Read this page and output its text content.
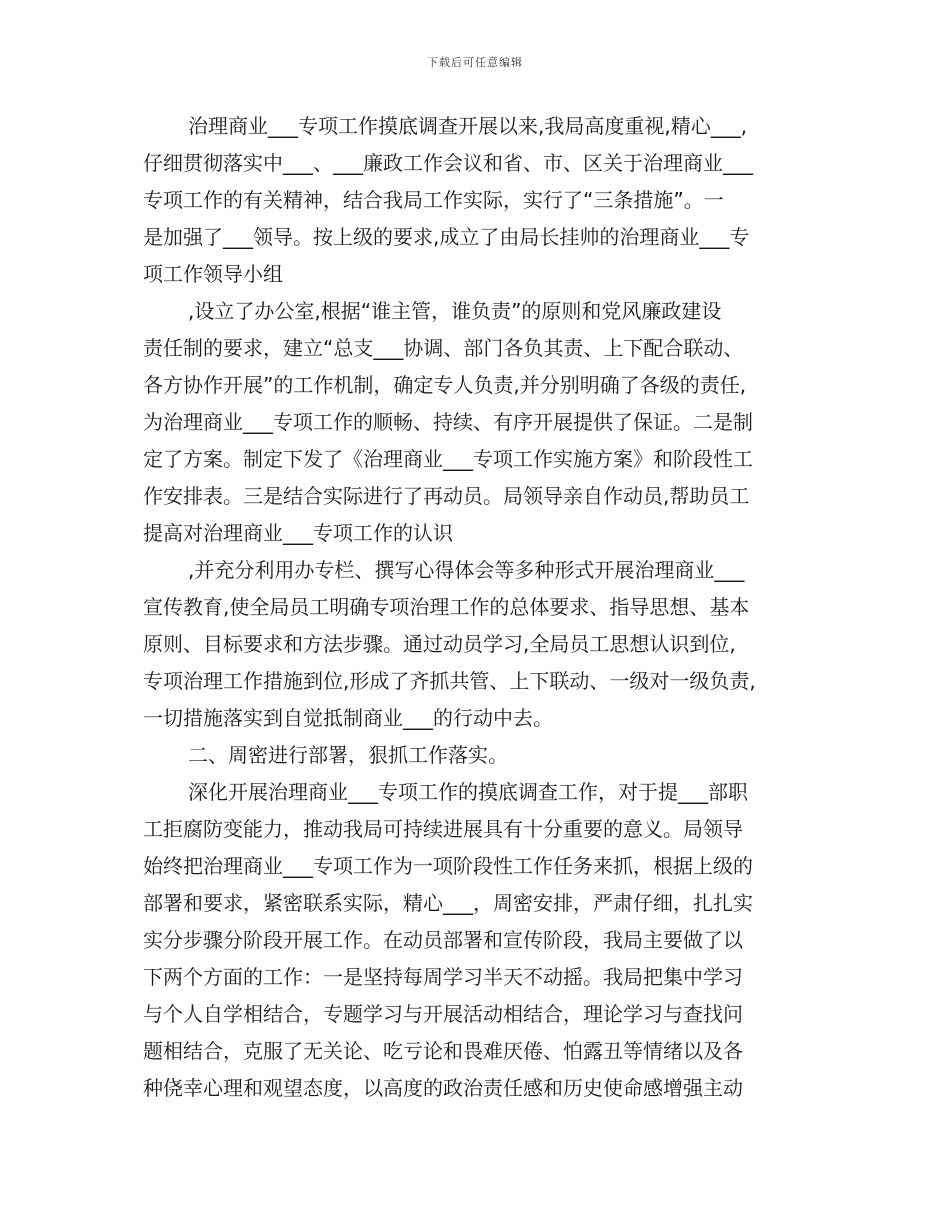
下载后可任意编辑
治理商业___专项工作摸底调查开展以来,我局高度重视,精心___,
仔细贯彻落实中___、___廉政工作会议和省、市、区关于治理商业___
专项工作的有关精神，结合我局工作实际，实行了“三条措施”。一
是加强了___领导。按上级的要求,成立了由局长挂帅的治理商业___专
项工作领导小组
,设立了办公室,根据“谁主管，谁负责”的原则和党风廉政建设
责任制的要求，建立“总支___协调、部门各负其责、上下配合联动、
各方协作开展”的工作机制，确定专人负责,并分别明确了各级的责任,
为治理商业___专项工作的顺畅、持续、有序开展提供了保证。二是制
定了方案。制定下发了《治理商业___专项工作实施方案》和阶段性工
作安排表。三是结合实际进行了再动员。局领导亲自作动员,帮助员工
提高对治理商业___专项工作的认识
,并充分利用办专栏、撰写心得体会等多种形式开展治理商业___
宣传教育,使全局员工明确专项治理工作的总体要求、指导思想、基本
原则、目标要求和方法步骤。通过动员学习,全局员工思想认识到位,
专项治理工作措施到位,形成了齐抓共管、上下联动、一级对一级负责,
一切措施落实到自觉抵制商业___的行动中去。
二、周密进行部署，狠抓工作落实。
深化开展治理商业___专项工作的摸底调查工作，对于提___部职
工拒腐防变能力，推动我局可持续进展具有十分重要的意义。局领导
始终把治理商业___专项工作为一项阶段性工作任务来抓，根据上级的
部署和要求，紧密联系实际，精心___，周密安排，严肃仔细，扎扎实
实分步骤分阶段开展工作。在动员部署和宣传阶段，我局主要做了以
下两个方面的工作：一是坚持每周学习半天不动摇。我局把集中学习
与个人自学相结合，专题学习与开展活动相结合，理论学习与查找问
题相结合，克服了无关论、吃亏论和畏难厌倦、怕露丑等情绪以及各
种侥幸心理和观望态度，以高度的政治责任感和历史使命感增强主动
